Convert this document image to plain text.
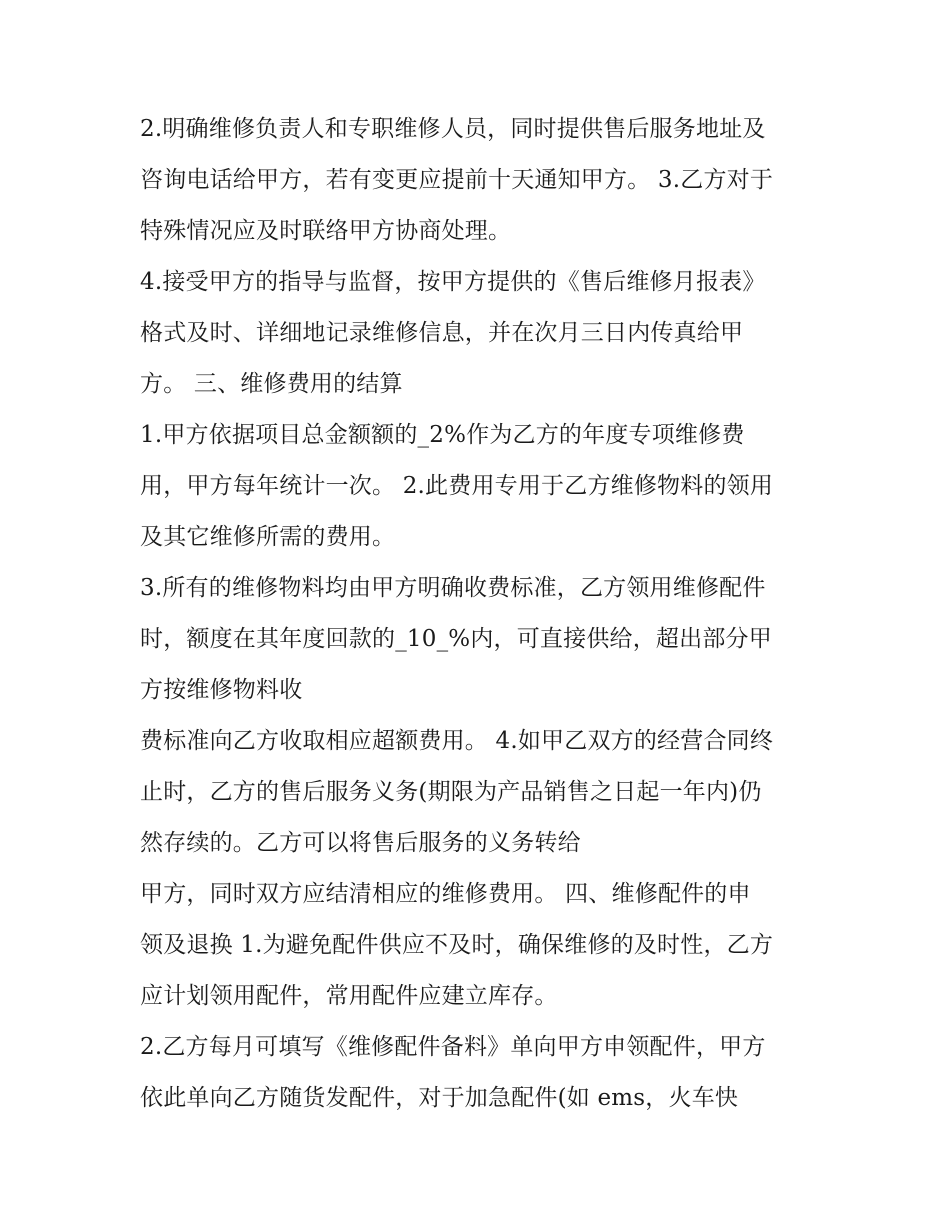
2.明确维修负责人和专职维修人员，同时提供售后服务地址及
咨询电话给甲方，若有变更应提前十天通知甲方。 3.乙方对于
特殊情况应及时联络甲方协商处理。
4.接受甲方的指导与监督，按甲方提供的《售后维修月报表》
格式及时、详细地记录维修信息，并在次月三日内传真给甲
方。 三、维修费用的结算
1.甲方依据项目总金额额的_2%作为乙方的年度专项维修费
用，甲方每年统计一次。 2.此费用专用于乙方维修物料的领用
及其它维修所需的费用。
3.所有的维修物料均由甲方明确收费标准，乙方领用维修配件
时，额度在其年度回款的_10_%内，可直接供给，超出部分甲
方按维修物料收
费标准向乙方收取相应超额费用。 4.如甲乙双方的经营合同终
止时，乙方的售后服务义务(期限为产品销售之日起一年内)仍
然存续的。乙方可以将售后服务的义务转给
甲方，同时双方应结清相应的维修费用。 四、维修配件的申
领及退换 1.为避免配件供应不及时，确保维修的及时性，乙方
应计划领用配件，常用配件应建立库存。
2.乙方每月可填写《维修配件备料》单向甲方申领配件，甲方
依此单向乙方随货发配件，对于加急配件(如 ems，火车快
